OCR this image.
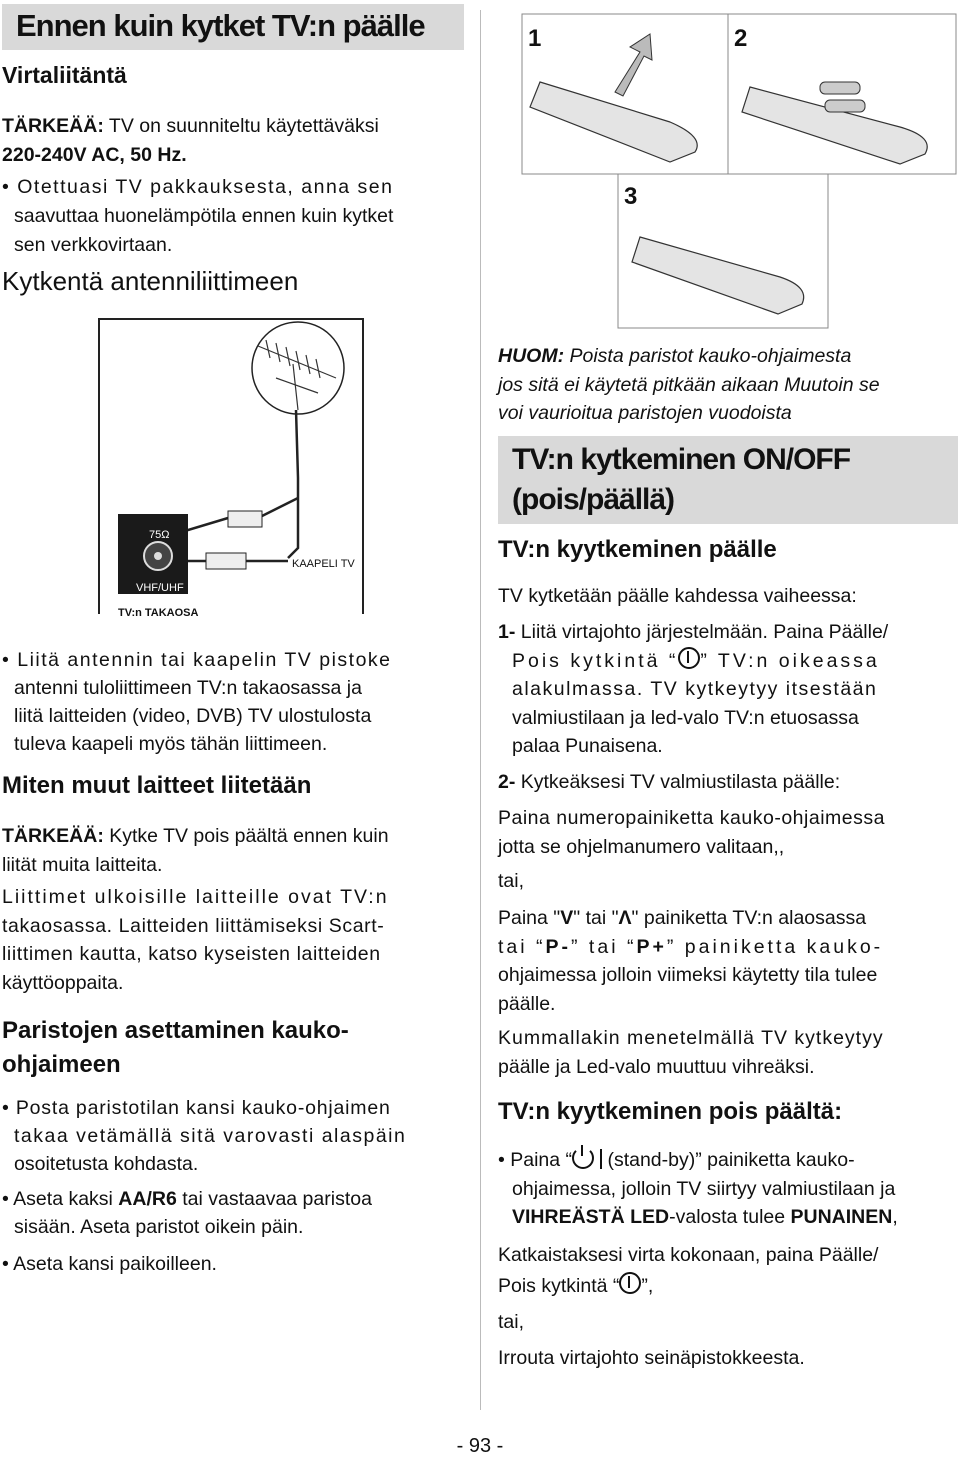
Ennen kuin kytket TV:n päälle
Virtaliitäntä
TÄRKEÄÄ: TV on suunniteltu käytettäväksi
220-240V AC, 50 Hz.
• Otettuasi TV pakkauksesta, anna sen
saavuttaa huonelämpötila ennen kuin kytket
sen verkkovirtaan.
Kytkentä antenniliittimeen
75Ω
VHF/UHF
TV:n TAKAOSA
KAAPELI TV
• Liitä antennin tai kaapelin TV pistoke
antenni tuloliittimeen TV:n takaosassa ja
liitä laitteiden (video, DVB) TV ulostulosta
tuleva kaapeli myös tähän liittimeen.
Miten muut laitteet liitetään
TÄRKEÄÄ: Kytke TV pois päältä ennen kuin
liität muita laitteita.
Liittimet ulkoisille laitteille ovat TV:n
takaosassa. Laitteiden liittämiseksi Scart-
liittimen kautta, katso kyseisten laitteiden
käyttöoppaita.
Paristojen asettaminen kauko-
ohjaimeen
• Posta paristotilan kansi kauko-ohjaimen
takaa vetämällä sitä varovasti alaspäin
osoitetusta kohdasta.
• Aseta kaksi AA/R6 tai vastaavaa paristoa
sisään. Aseta paristot oikein päin.
• Aseta kansi paikoilleen.
1	2
3
HUOM: Poista paristot kauko-ohjaimesta
jos sitä ei käytetä pitkään aikaan Muutoin se
voi vaurioitua paristojen vuodoista
TV:n kytkeminen ON/OFF
(pois/päällä)
TV:n kyytkeminen päälle
TV kytketään päälle kahdessa vaiheessa:
1- Liitä virtajohto järjestelmään. Paina Päälle/
Pois kytkintä “ ” TV:n oikeassa
alakulmassa. TV kytkeytyy itsestään
valmiustilaan ja led-valo TV:n etuosassa
palaa Punaisena.
2- Kytkeäksesi TV valmiustilasta päälle:
Paina numeropainiketta kauko-ohjaimessa
jotta se ohjelmanumero valitaan,,
tai,
Paina "V" tai "Λ" painiketta TV:n alaosassa
tai “P-” tai “P+” painiketta kauko-
ohjaimessa jolloin viimeksi käytetty tila tulee
päälle.
Kummallakin menetelmällä TV kytkeytyy
päälle ja Led-valo muuttuu vihreäksi.
TV:n kyytkeminen pois päältä:
• Paina “
(stand-by)” painiketta kauko-
ohjaimessa, jolloin TV siirtyy valmiustilaan ja
VIHREÄSTÄ LED-valosta tulee PUNAINEN,
Katkaistaksesi virta kokonaan, paina Päälle/
Pois kytkintä “ ”,
tai,
Irrouta virtajohto seinäpistokkeesta.
- 93 -
